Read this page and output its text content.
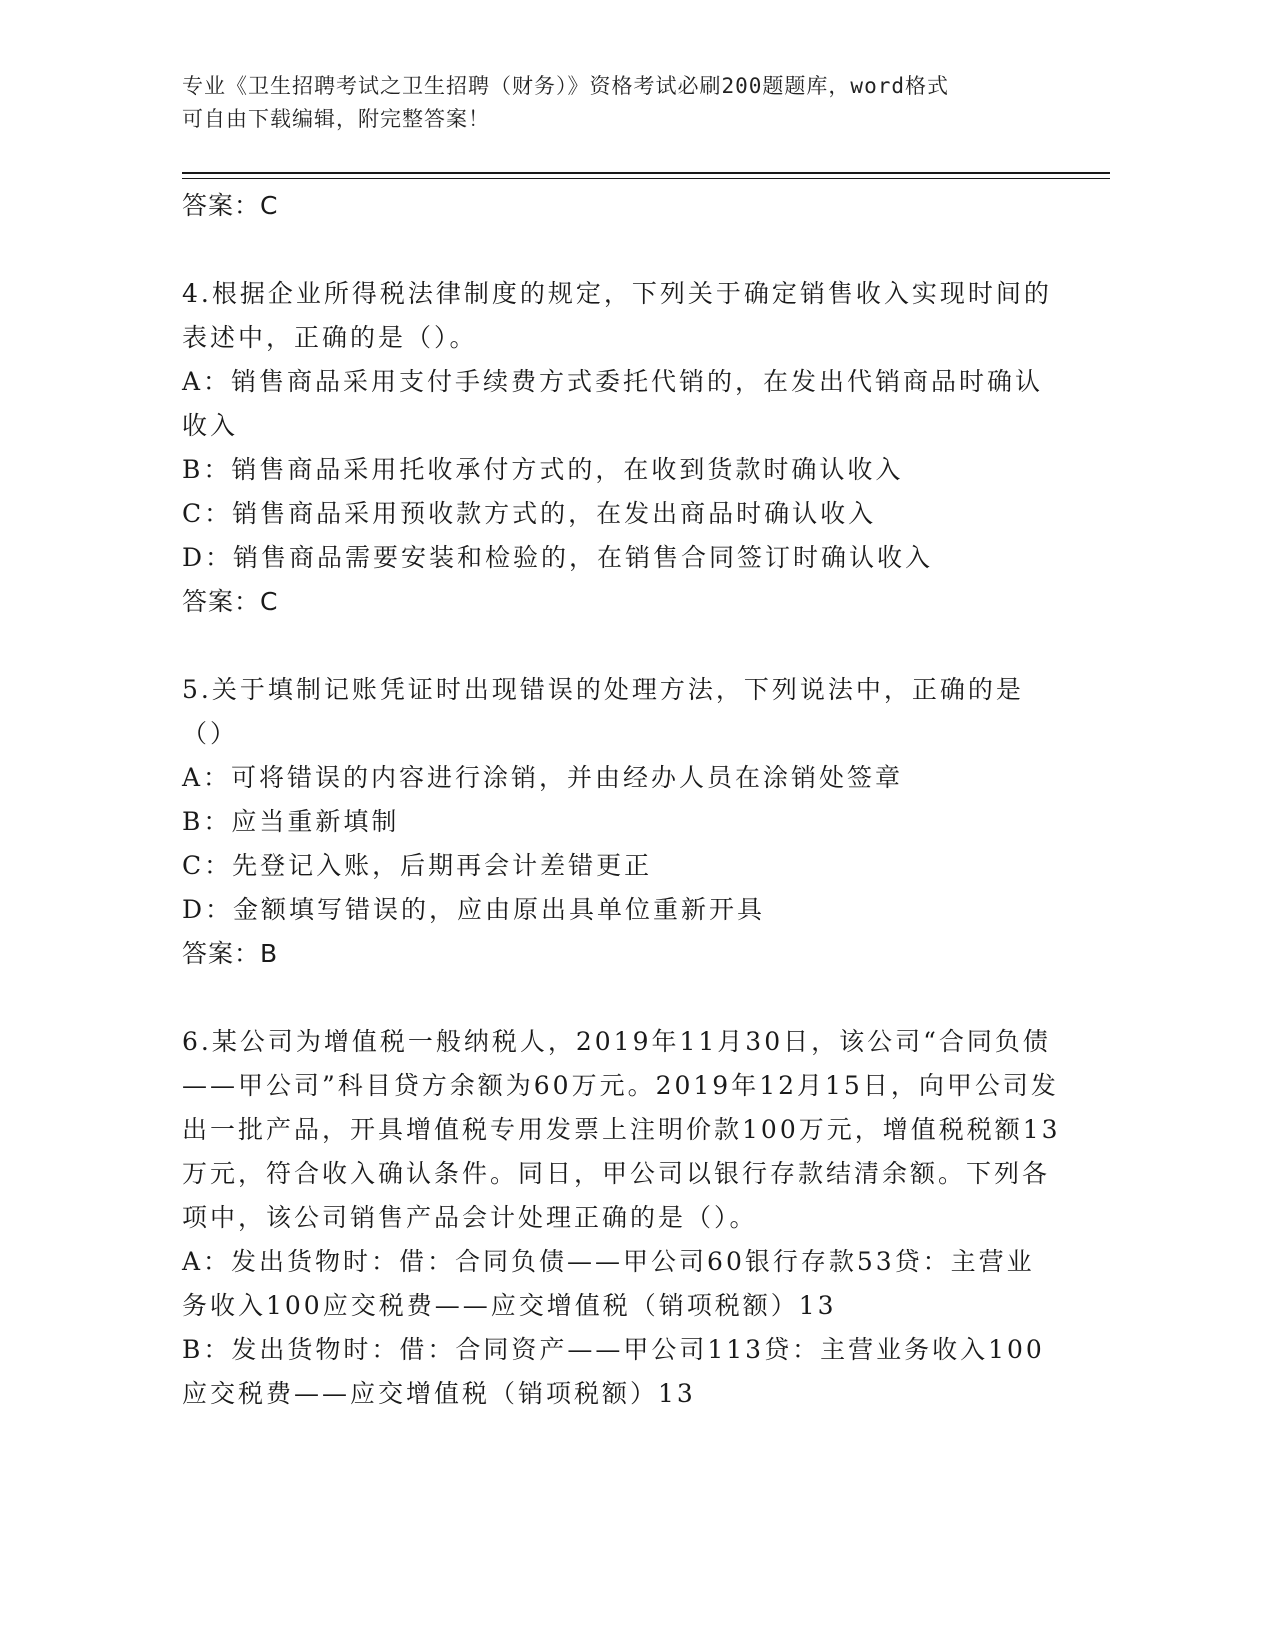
专业《卫生招聘考试之卫生招聘（财务）》资格考试必刷200题题库，word格式
可自由下载编辑，附完整答案！

答案：C

4.根据企业所得税法律制度的规定，下列关于确定销售收入实现时间的表述中，正确的是（）。

A：销售商品采用支付手续费方式委托代销的，在发出代销商品时确认收入

B：销售商品采用托收承付方式的，在收到货款时确认收入

C：销售商品采用预收款方式的，在发出商品时确认收入

D：销售商品需要安装和检验的，在销售合同签订时确认收入

答案：C

5.关于填制记账凭证时出现错误的处理方法，下列说法中，正确的是（）

A：可将错误的内容进行涂销，并由经办人员在涂销处签章

B：应当重新填制

C：先登记入账，后期再会计差错更正

D：金额填写错误的，应由原出具单位重新开具

答案：B

6.某公司为增值税一般纳税人，2019年11月30日，该公司“合同负债——甲公司”科目贷方余额为60万元。2019年12月15日，向甲公司发出一批产品，开具增值税专用发票上注明价款100万元，增值税税额13万元，符合收入确认条件。同日，甲公司以银行存款结清余额。下列各项中，该公司销售产品会计处理正确的是（）。

A：发出货物时：借：合同负债——甲公司60银行存款53贷：主营业务收入100应交税费——应交增值税（销项税额）13

B：发出货物时：借：合同资产——甲公司113贷：主营业务收入100应交税费——应交增值税（销项税额）13
